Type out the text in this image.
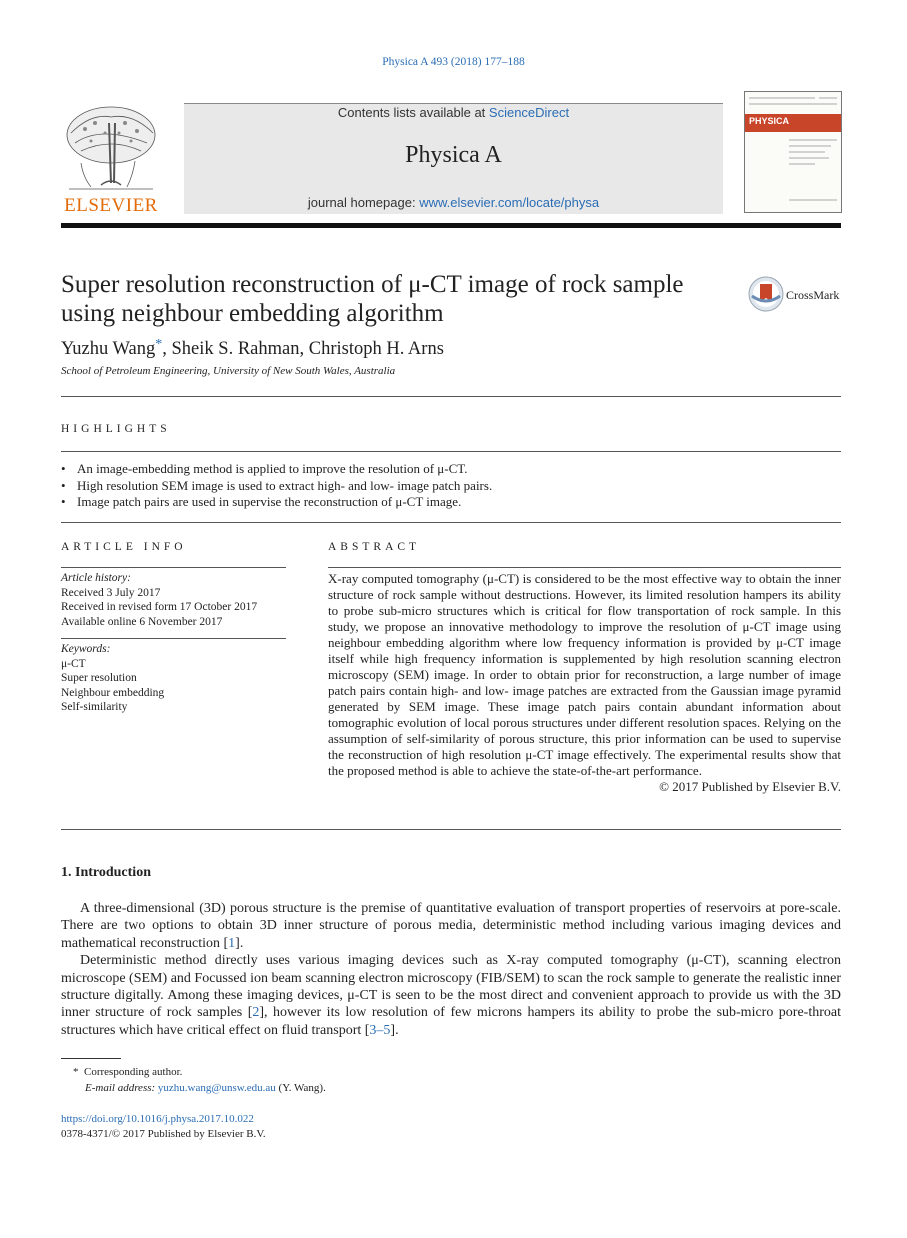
Physica A 493 (2018) 177–188
ELSEVIER
Contents lists available at ScienceDirect
Physica A
journal homepage: www.elsevier.com/locate/physa
PHYSICA
Super resolution reconstruction of μ-CT image of rock sample using neighbour embedding algorithm
CrossMark
Yuzhu Wang*, Sheik S. Rahman, Christoph H. Arns
School of Petroleum Engineering, University of New South Wales, Australia
HIGHLIGHTS
• An image-embedding method is applied to improve the resolution of μ-CT.
• High resolution SEM image is used to extract high- and low- image patch pairs.
• Image patch pairs are used in supervise the reconstruction of μ-CT image.
ARTICLE INFO
Article history:
Received 3 July 2017
Received in revised form 17 October 2017
Available online 6 November 2017
Keywords:
μ-CT
Super resolution
Neighbour embedding
Self-similarity
ABSTRACT
X-ray computed tomography (μ-CT) is considered to be the most effective way to obtain the inner structure of rock sample without destructions. However, its limited resolution hampers its ability to probe sub-micro structures which is critical for flow transportation of rock sample. In this study, we propose an innovative methodology to improve the resolution of μ-CT image using neighbour embedding algorithm where low frequency information is provided by μ-CT image itself while high frequency information is supplemented by high resolution scanning electron microscopy (SEM) image. In order to obtain prior for reconstruction, a large number of image patch pairs contain high- and low- image patches are extracted from the Gaussian image pyramid generated by SEM image. These image patch pairs contain abundant information about tomographic evolution of local porous structures under different resolution spaces. Relying on the assumption of self-similarity of porous structure, this prior information can be used to supervise the reconstruction of high resolution μ-CT image effectively. The experimental results show that the proposed method is able to achieve the state-of-the-art performance.
© 2017 Published by Elsevier B.V.
1. Introduction

A three-dimensional (3D) porous structure is the premise of quantitative evaluation of transport properties of reservoirs at pore-scale. There are two options to obtain 3D inner structure of porous media, deterministic method including various imaging devices and mathematical reconstruction [1].

Deterministic method directly uses various imaging devices such as X-ray computed tomography (μ-CT), scanning electron microscope (SEM) and Focussed ion beam scanning electron microscopy (FIB/SEM) to scan the rock sample to generate the realistic inner structure digitally. Among these imaging devices, μ-CT is seen to be the most direct and convenient approach to provide us with the 3D inner structure of rock samples [2], however its low resolution of few microns hampers its ability to probe the sub-micro pore-throat structures which have critical effect on fluid transport [3–5].

* Corresponding author.
E-mail address: yuzhu.wang@unsw.edu.au (Y. Wang).
https://doi.org/10.1016/j.physa.2017.10.022
0378-4371/© 2017 Published by Elsevier B.V.
